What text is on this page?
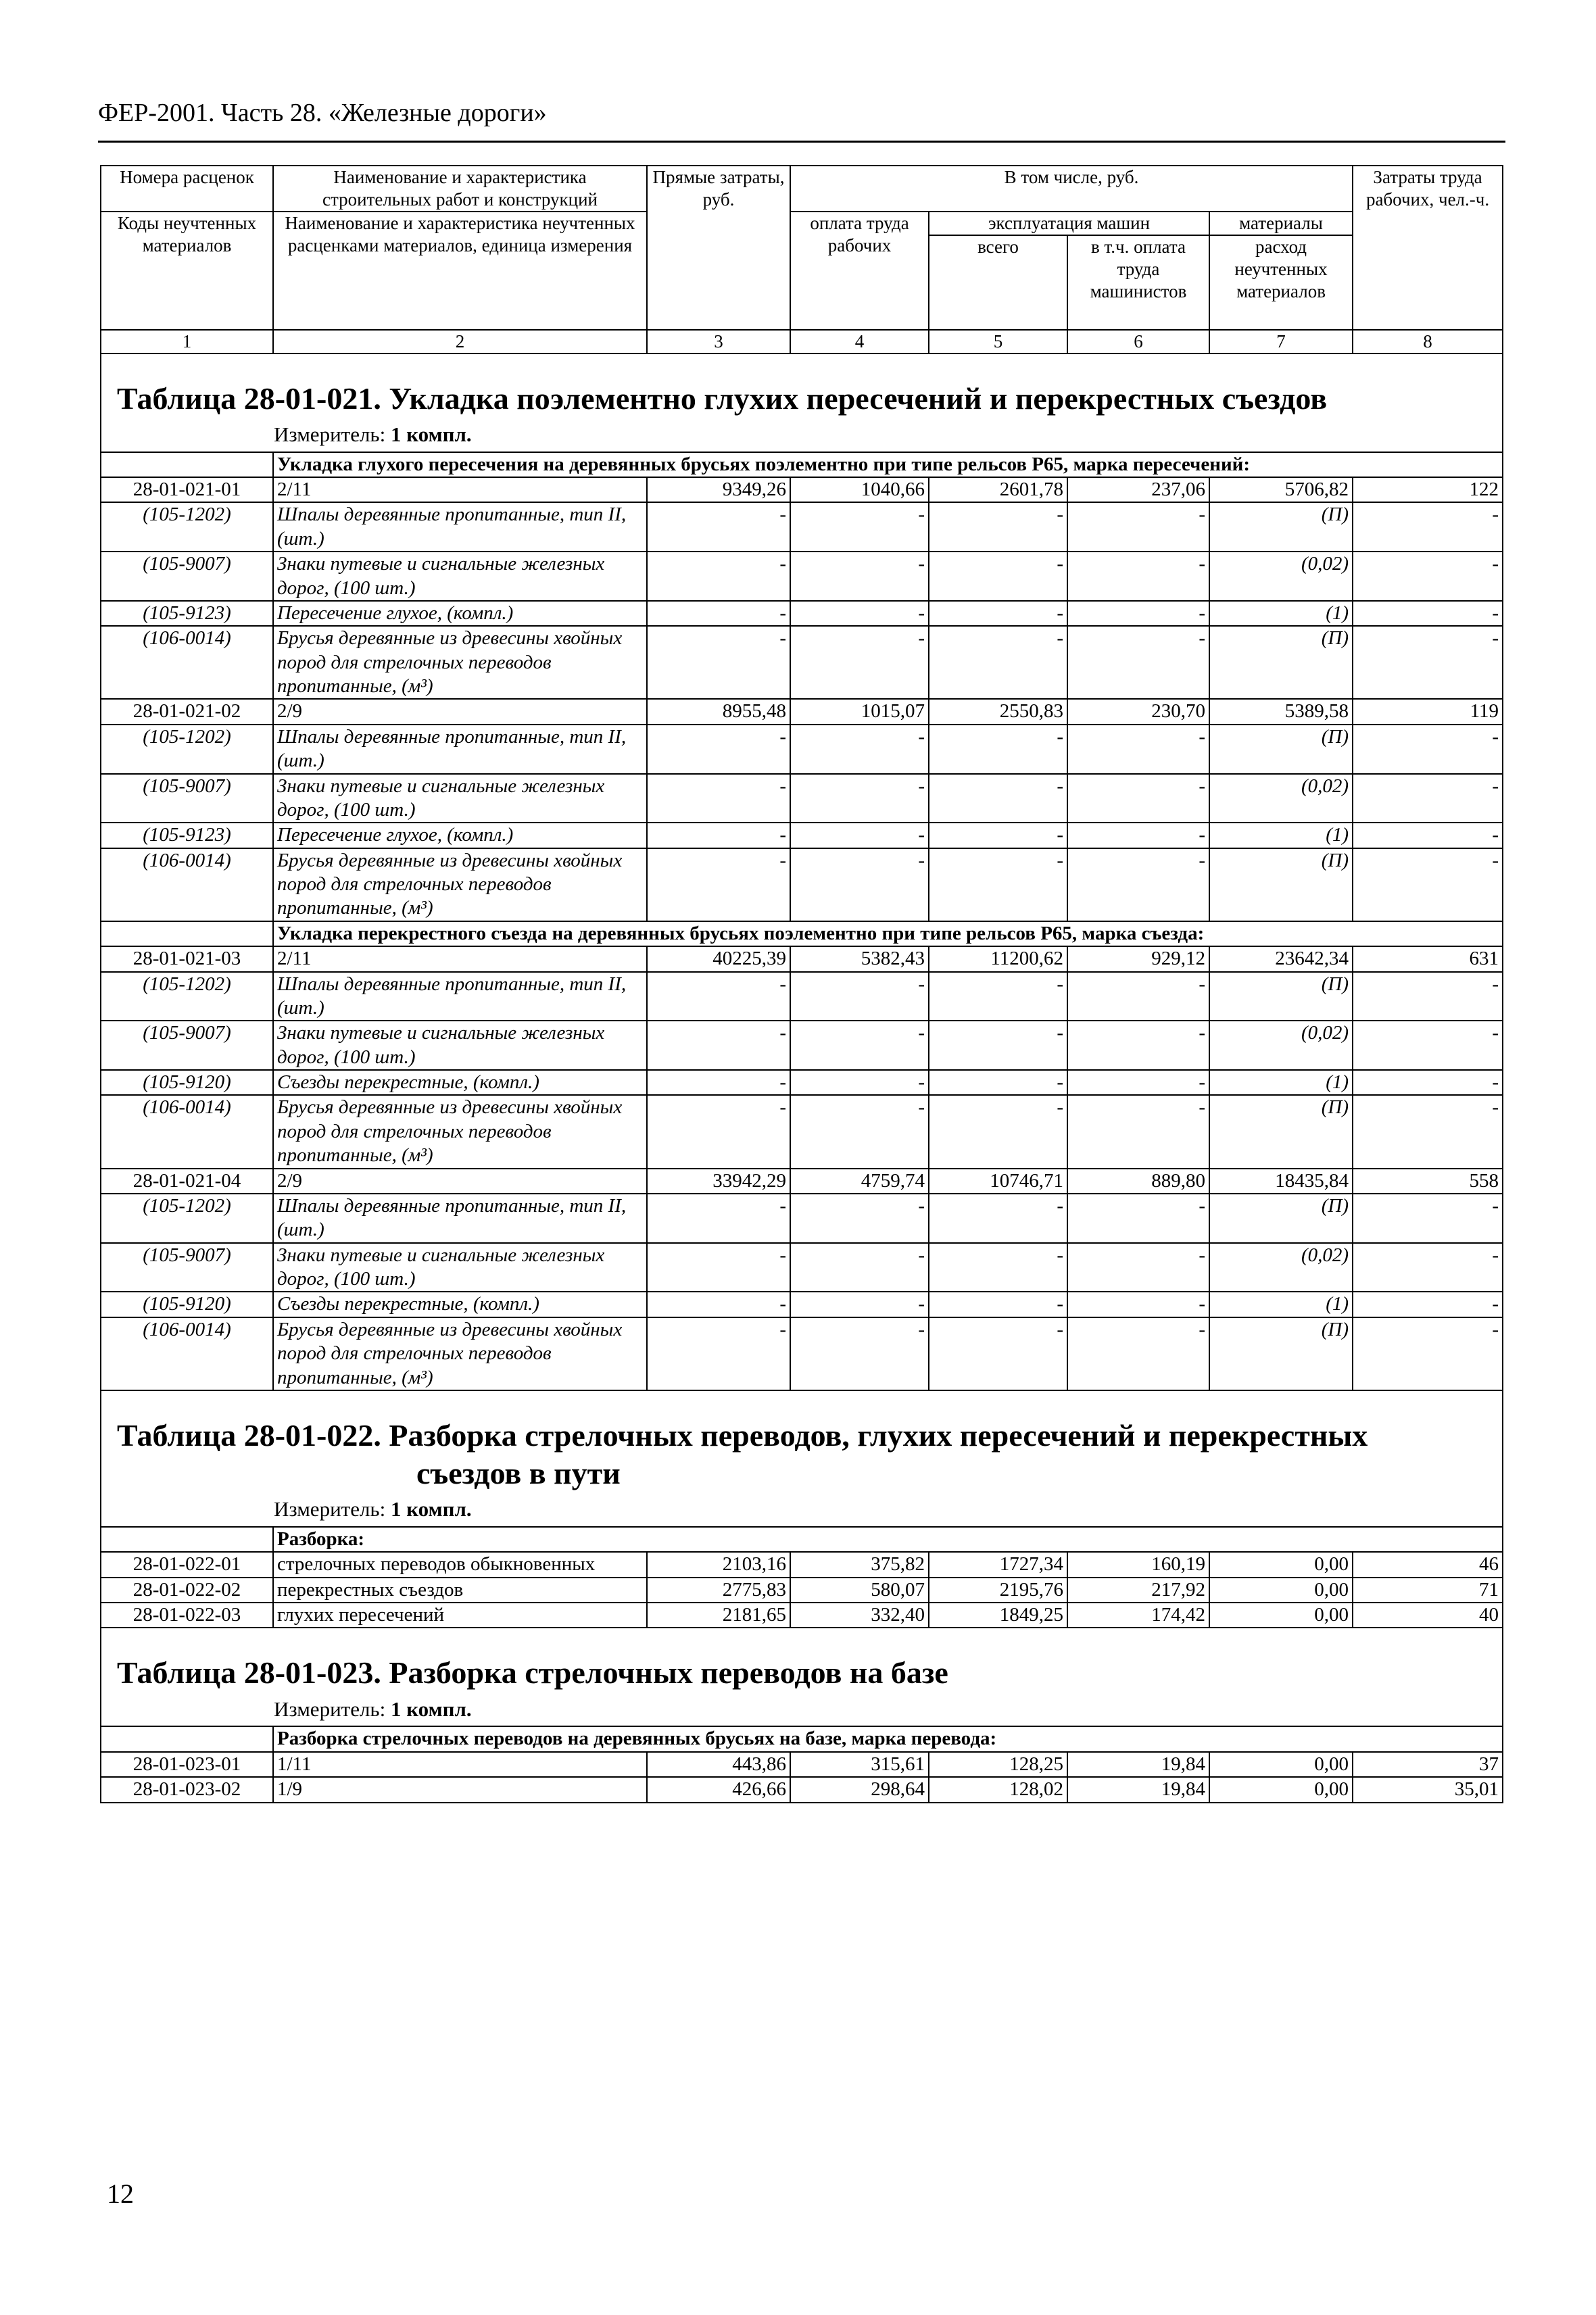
ФЕР-2001. Часть 28. «Железные дороги»
Номера расценок	Наименование и характеристика строительных работ и конструкций	Прямые затраты, руб.	В том числе, руб.				Затраты труда рабочих, чел.-ч.
Коды неучтенных материалов	Наименование и характеристика неучтенных расценками материалов, единица измерения		оплата труда рабочих	эксплуатация машин		материалы	
				всего	в т.ч. оплата труда машинистов	расход неучтенных материалов	
1	2	3	4	5	6	7	8

Таблица 28-01-021. Укладка поэлементно глухих пересечений и перекрестных съездов
Измеритель: 1 компл.							

	Укладка глухого пересечения на деревянных брусьях поэлементно при типе рельсов Р65, марка пересечений:						
28-01-021-01	2/11	9349,26	1040,66	2601,78	237,06	5706,82	122
(105-1202)	Шпалы деревянные пропитанные, тип II, (шт.)	-	-	-	-	(П)	-
(105-9007)	Знаки путевые и сигнальные железных дорог, (100 шт.)	-	-	-	-	(0,02)	-
(105-9123)	Пересечение глухое, (компл.)	-	-	-	-	(1)	-
(106-0014)	Брусья деревянные из древесины хвойных пород для стрелочных переводов пропитанные, (м³)	-	-	-	-	(П)	-
28-01-021-02	2/9	8955,48	1015,07	2550,83	230,70	5389,58	119
(105-1202)	Шпалы деревянные пропитанные, тип II, (шт.)	-	-	-	-	(П)	-
(105-9007)	Знаки путевые и сигнальные железных дорог, (100 шт.)	-	-	-	-	(0,02)	-
(105-9123)	Пересечение глухое, (компл.)	-	-	-	-	(1)	-
(106-0014)	Брусья деревянные из древесины хвойных пород для стрелочных переводов пропитанные, (м³)	-	-	-	-	(П)	-
	Укладка перекрестного съезда на деревянных брусьях поэлементно при типе рельсов Р65, марка съезда:						
28-01-021-03	2/11	40225,39	5382,43	11200,62	929,12	23642,34	631
(105-1202)	Шпалы деревянные пропитанные, тип II, (шт.)	-	-	-	-	(П)	-
(105-9007)	Знаки путевые и сигнальные железных дорог, (100 шт.)	-	-	-	-	(0,02)	-
(105-9120)	Съезды перекрестные, (компл.)	-	-	-	-	(1)	-
(106-0014)	Брусья деревянные из древесины хвойных пород для стрелочных переводов пропитанные, (м³)	-	-	-	-	(П)	-
28-01-021-04	2/9	33942,29	4759,74	10746,71	889,80	18435,84	558
(105-1202)	Шпалы деревянные пропитанные, тип II, (шт.)	-	-	-	-	(П)	-
(105-9007)	Знаки путевые и сигнальные железных дорог, (100 шт.)	-	-	-	-	(0,02)	-
(105-9120)	Съезды перекрестные, (компл.)	-	-	-	-	(1)	-
(106-0014)	Брусья деревянные из древесины хвойных пород для стрелочных переводов пропитанные, (м³)	-	-	-	-	(П)	-

Таблица 28-01-022. Разборка стрелочных переводов, глухих пересечений и перекрестных
съездов в пути
Измеритель: 1 компл.							

	Разборка:						
28-01-022-01	стрелочных переводов обыкновенных	2103,16	375,82	1727,34	160,19	0,00	46
28-01-022-02	перекрестных съездов	2775,83	580,07	2195,76	217,92	0,00	71
28-01-022-03	глухих пересечений	2181,65	332,40	1849,25	174,42	0,00	40

Таблица 28-01-023. Разборка стрелочных переводов на базе
Измеритель: 1 компл.							

	Разборка стрелочных переводов на деревянных брусьях на базе, марка перевода:						
28-01-023-01	1/11	443,86	315,61	128,25	19,84	0,00	37
28-01-023-02	1/9	426,66	298,64	128,02	19,84	0,00	35,01
12
